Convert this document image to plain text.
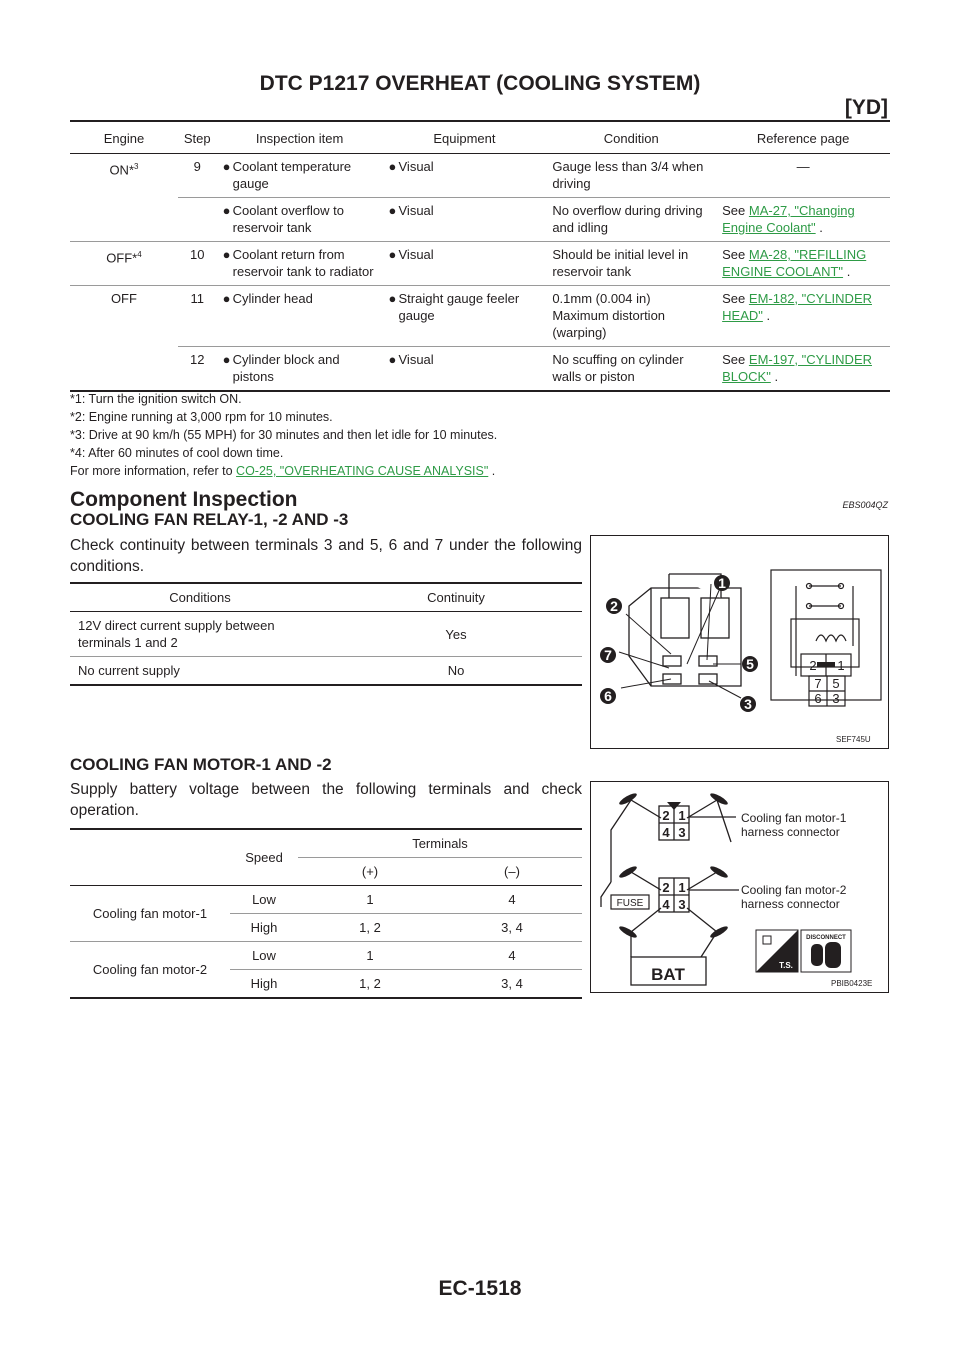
DTC P1217 OVERHEAT (COOLING SYSTEM)
[YD]
Engine	Step	Inspection item	Equipment	Condition	Reference page
ON*$^3$	9	● Coolant temperature gauge	● Visual	Gauge less than 3/4 when driving	—

		● Coolant overflow to reservoir tank	● Visual	No overflow during driving and idling	See MA-27, "Changing Engine Coolant" .
OFF*$^4$	10	● Coolant return from reservoir tank to radiator	● Visual	Should be initial level in reservoir tank	See MA-28, "REFILLING ENGINE COOLANT" .
OFF	11	● Cylinder head	● Straight gauge feeler gauge	0.1mm (0.004 in) Maximum distortion (warping)	See EM-182, "CYLINDER HEAD" .
	12	● Cylinder block and pistons	● Visual	No scuffing on cylinder walls or piston	See EM-197, "CYLINDER BLOCK" .
*1: Turn the ignition switch ON.
*2: Engine running at 3,000 rpm for 10 minutes.
*3: Drive at 90 km/h (55 MPH) for 30 minutes and then let idle for 10 minutes.
*4: After 60 minutes of cool down time.
For more information, refer to CO-25, "OVERHEATING CAUSE ANALYSIS" .
Component Inspection	EBS004QZ
COOLING FAN RELAY-1, -2 AND -3

Check continuity between terminals 3 and 5, 6 and 7 under the following conditions.

Conditions	Continuity
12V direct current supply between terminals 1 and 2	Yes
No current supply	No
1
2
3
5
6
7
2 1
7 5
6 3
SEF745U
COOLING FAN MOTOR-1 AND -2

Supply battery voltage between the following terminals and check operation.

	Speed	Terminals	
		(+)	(–)
Cooling fan motor-1	Low	1	4
	High	1, 2	3, 4
Cooling fan motor-2	Low	1	4
	High	1, 2	3, 4
2 1
4 3
2 1
4 3
FUSE
BAT
Cooling fan motor-1
harness connector
Cooling fan motor-2
harness connector
T.S.
DISCONNECT
PBIB0423E
EC-1518
